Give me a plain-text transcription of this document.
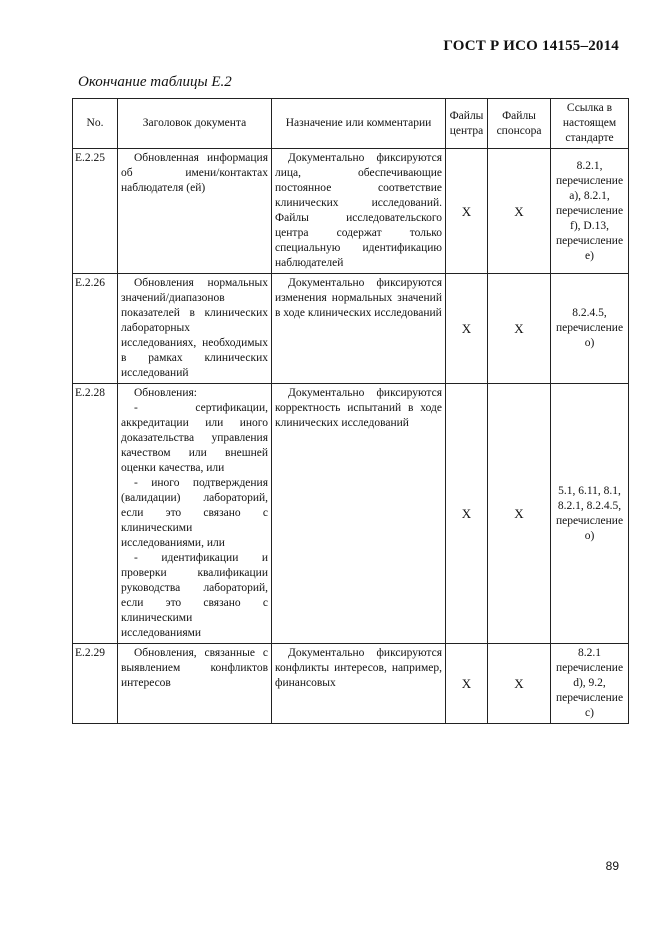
ГОСТ Р ИСО 14155–2014
Окончание таблицы Е.2
No.	Заголовок документа	Назначение или комментарии	Файлы центра	Файлы спонсора	Ссылка в настоящем стандарте
E.2.25	Обновленная информация об имени/контактах наблюдателя (ей)	Документально фиксируются лица, обеспечивающие постоянное соответствие клинических исследований. Файлы исследовательского центра содержат только специальную идентификацию наблюдателей	X	X	8.2.1, перечисление а), 8.2.1, перечисление f), D.13, перечисление е)
E.2.26	Обновления нормальных значений/диапазонов показателей в клинических лабораторных исследованиях, необходимых в рамках клинических исследований	Документально фиксируются изменения нормальных значений в ходе клинических исследований	X	X	8.2.4.5, перечисление о)
E.2.28	Обновления:
- сертификации, аккредитации или иного доказательства управления качеством или внешней оценки качества, или
- иного подтверждения (валидации) лабораторий, если это связано с клиническими исследованиями, или
- идентификации и проверки квалификации руководства лабораторий, если это связано с клиническими исследованиями	Документально фиксируются корректность испытаний в ходе клинических исследований	X	X	5.1, 6.11, 8.1, 8.2.1, 8.2.4.5, перечисление о)
E.2.29	Обновления, связанные с выявлением конфликтов интересов	Документально фиксируются конфликты интересов, например, финансовых	X	X	8.2.1 перечисление d), 9.2, перечисление с)
89
